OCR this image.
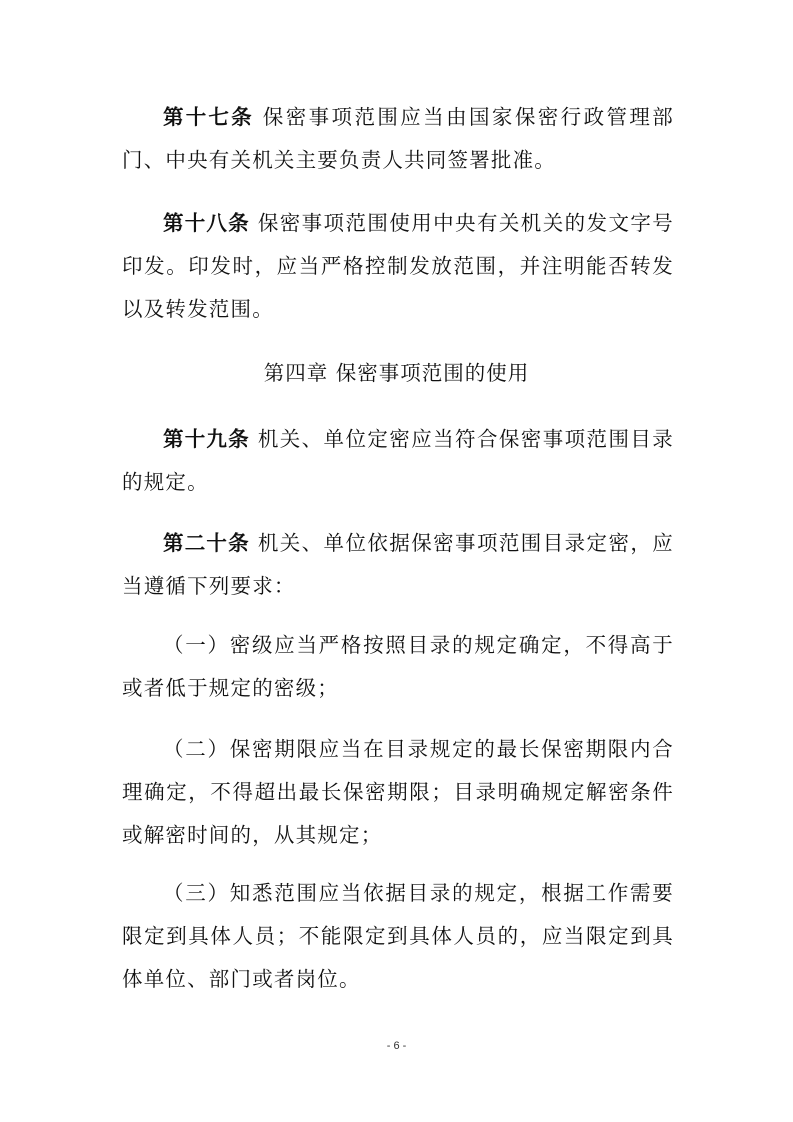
第十七条 保密事项范围应当由国家保密行政管理部门、中央有关机关主要负责人共同签署批准。
第十八条 保密事项范围使用中央有关机关的发文字号印发。印发时，应当严格控制发放范围，并注明能否转发以及转发范围。
第四章 保密事项范围的使用
第十九条 机关、单位定密应当符合保密事项范围目录的规定。
第二十条 机关、单位依据保密事项范围目录定密，应当遵循下列要求：
（一）密级应当严格按照目录的规定确定，不得高于或者低于规定的密级；
（二）保密期限应当在目录规定的最长保密期限内合理确定，不得超出最长保密期限；目录明确规定解密条件或解密时间的，从其规定；
（三）知悉范围应当依据目录的规定，根据工作需要限定到具体人员；不能限定到具体人员的，应当限定到具体单位、部门或者岗位。
- 6 -
